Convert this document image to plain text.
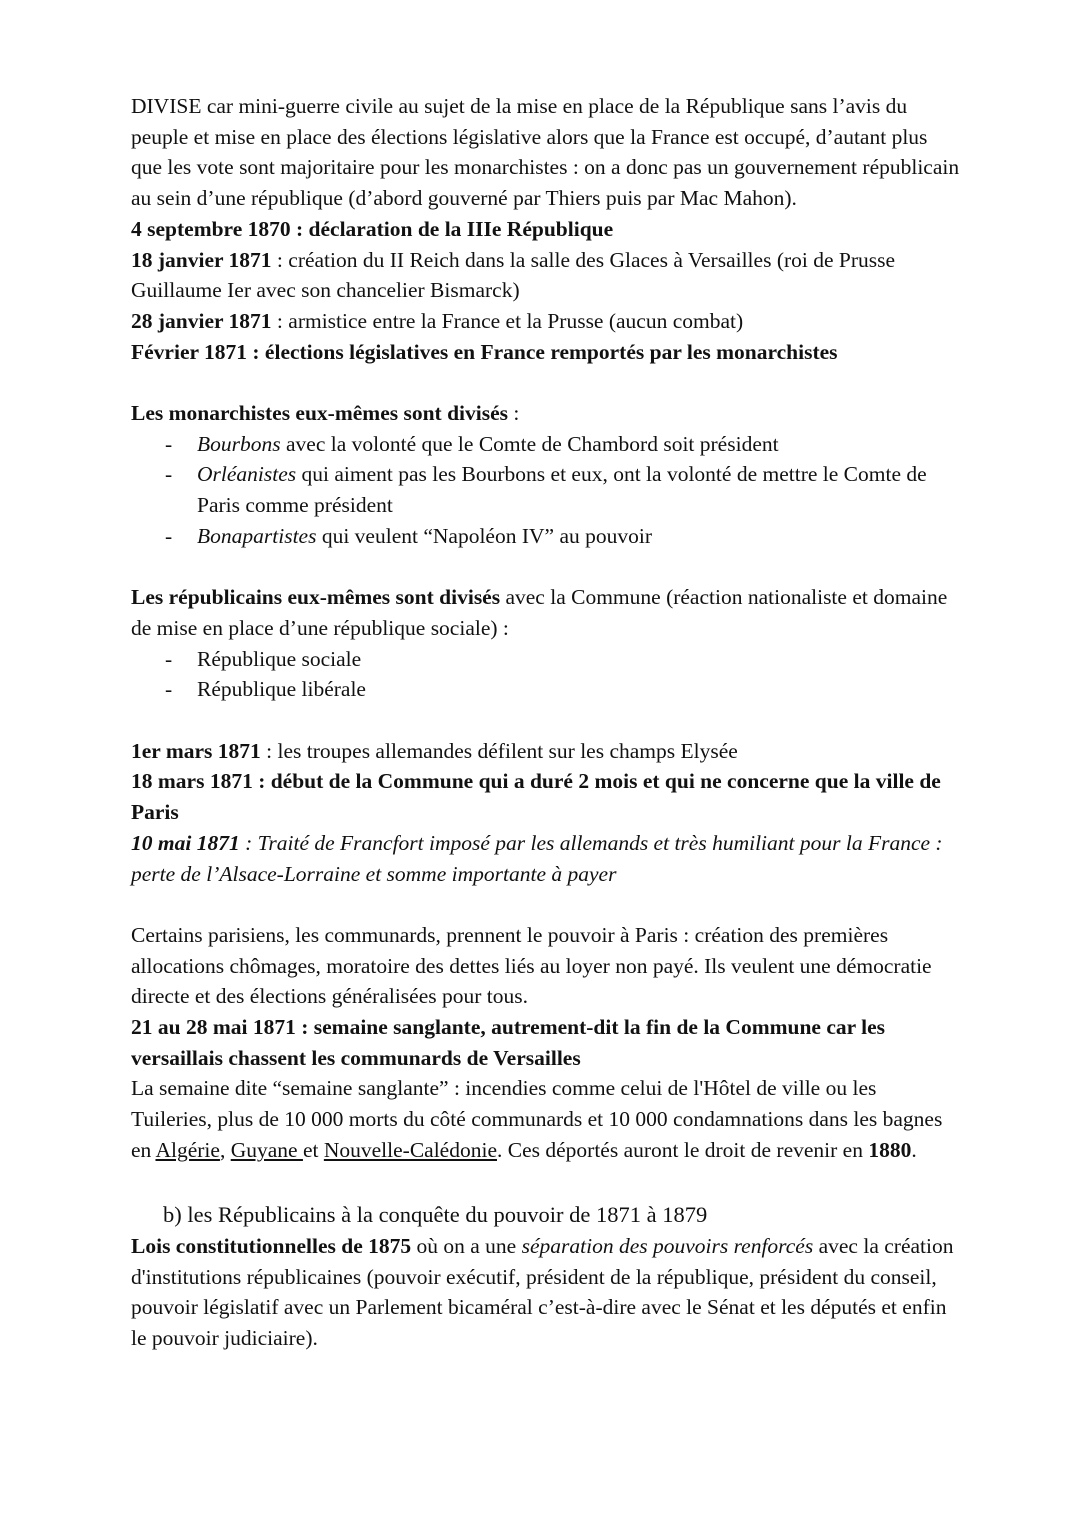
DIVISE car mini-guerre civile au sujet de la mise en place de la République sans l’avis du peuple et mise en place des élections législative alors que la France est occupé, d’autant plus que les vote sont majoritaire pour les monarchistes : on a donc pas un gouvernement républicain au sein d’une république (d’abord gouverné par Thiers puis par Mac Mahon).

4 septembre 1870 : déclaration de la IIIe République

18 janvier 1871 : création du II Reich dans la salle des Glaces à Versailles (roi de Prusse Guillaume Ier avec son chancelier Bismarck)

28 janvier 1871 : armistice entre la France et la Prusse (aucun combat)

Février 1871 : élections législatives en France remportés par les monarchistes

Les monarchistes eux-mêmes sont divisés :

- Bourbons avec la volonté que le Comte de Chambord soit président
- Orléanistes qui aiment pas les Bourbons et eux, ont la volonté de mettre le Comte de Paris comme président
- Bonapartistes qui veulent “Napoléon IV” au pouvoir

Les républicains eux-mêmes sont divisés avec la Commune (réaction nationaliste et domaine de mise en place d’une république sociale) :

- République sociale
- République libérale

1er mars 1871 : les troupes allemandes défilent sur les champs Elysée

18 mars 1871 : début de la Commune qui a duré 2 mois et qui ne concerne que la ville de Paris

10 mai 1871 : Traité de Francfort imposé par les allemands et très humiliant pour la France : perte de l’Alsace-Lorraine et somme importante à payer

Certains parisiens, les communards, prennent le pouvoir à Paris : création des premières allocations chômages, moratoire des dettes liés au loyer non payé. Ils veulent une démocratie directe et des élections généralisées pour tous.

21 au 28 mai 1871 : semaine sanglante, autrement-dit la fin de la Commune car les versaillais chassent les communards de Versailles

La semaine dite “semaine sanglante” : incendies comme celui de l'Hôtel de ville ou les Tuileries, plus de 10 000 morts du côté communards et 10 000 condamnations dans les bagnes en Algérie, Guyane et Nouvelle-Calédonie. Ces déportés auront le droit de revenir en 1880.

b) les Républicains à la conquête du pouvoir de 1871 à 1879

Lois constitutionnelles de 1875 où on a une séparation des pouvoirs renforcés avec la création d'institutions républicaines (pouvoir exécutif, président de la république, président du conseil, pouvoir législatif avec un Parlement bicaméral c’est-à-dire avec le Sénat et les députés et enfin le pouvoir judiciaire).
